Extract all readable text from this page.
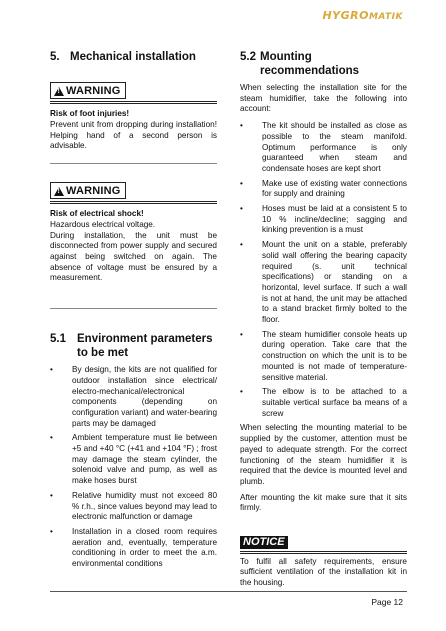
HYGRO MATIK
5. Mechanical installation
!
WARNING
Risk of foot injuries!

Prevent unit from dropping during installation! Helping hand of a second person is advisable.

!
WARNING
Risk of electrical shock!

Hazardous electrical voltage.
During installation, the unit must be disconnected from power supply and secured against being switched on again. The absence of voltage must be ensured by a measurement.

5.1 Environment parameters to be met
• By design, the kits are not qualified for outdoor installation since electrical/ electro-mechanical/electronical components (depending on configuration variant) and water-bearing parts may be damaged
• Ambient temperature must lie between +5 and +40 °C (+41 and +104 °F) ; frost may damage the steam cylinder, the solenoid valve and pump, as well as make hoses burst
• Relative humidity must not exceed 80 % r.h., since values beyond may lead to electronic malfunction or damage
• Installation in a closed room requires aeration and, eventually, temperature conditioning in order to meet the a.m. environmental conditions
5.2 Mounting recommendations

When selecting the installation site for the steam humidifier, take the following into account:

• The kit should be installed as close as possible to the steam manifold. Optimum performance is only guaranteed when steam and condensate hoses are kept short
• Make use of existing water connections for supply and draining
• Hoses must be laid at a consistent 5 to 10 % incline/decline; sagging and kinking prevention is a must
• Mount the unit on a stable, preferably solid wall offering the bearing capacity required (s. unit technical specifications) or standing on a horizontal, level surface. If such a wall is not at hand, the unit may be attached to a stand bracket firmly bolted to the floor.
• The steam humidifier console heats up during operation. Take care that the construction on which the unit is to be mounted is not made of temperature-sensitive material.
• The elbow is to be attached to a suitable vertical surface ba means of a screw

When selecting the mounting material to be supplied by the customer, attention must be payed to adequate strength. For the correct functioning of the steam humidifier it is required that the device is mounted level and plumb.

After mounting the kit make sure that it sits firmly.

NOTICE

To fulfil all safety requirements, ensure sufficient ventilation of the installation kit in the housing.

Page 12
